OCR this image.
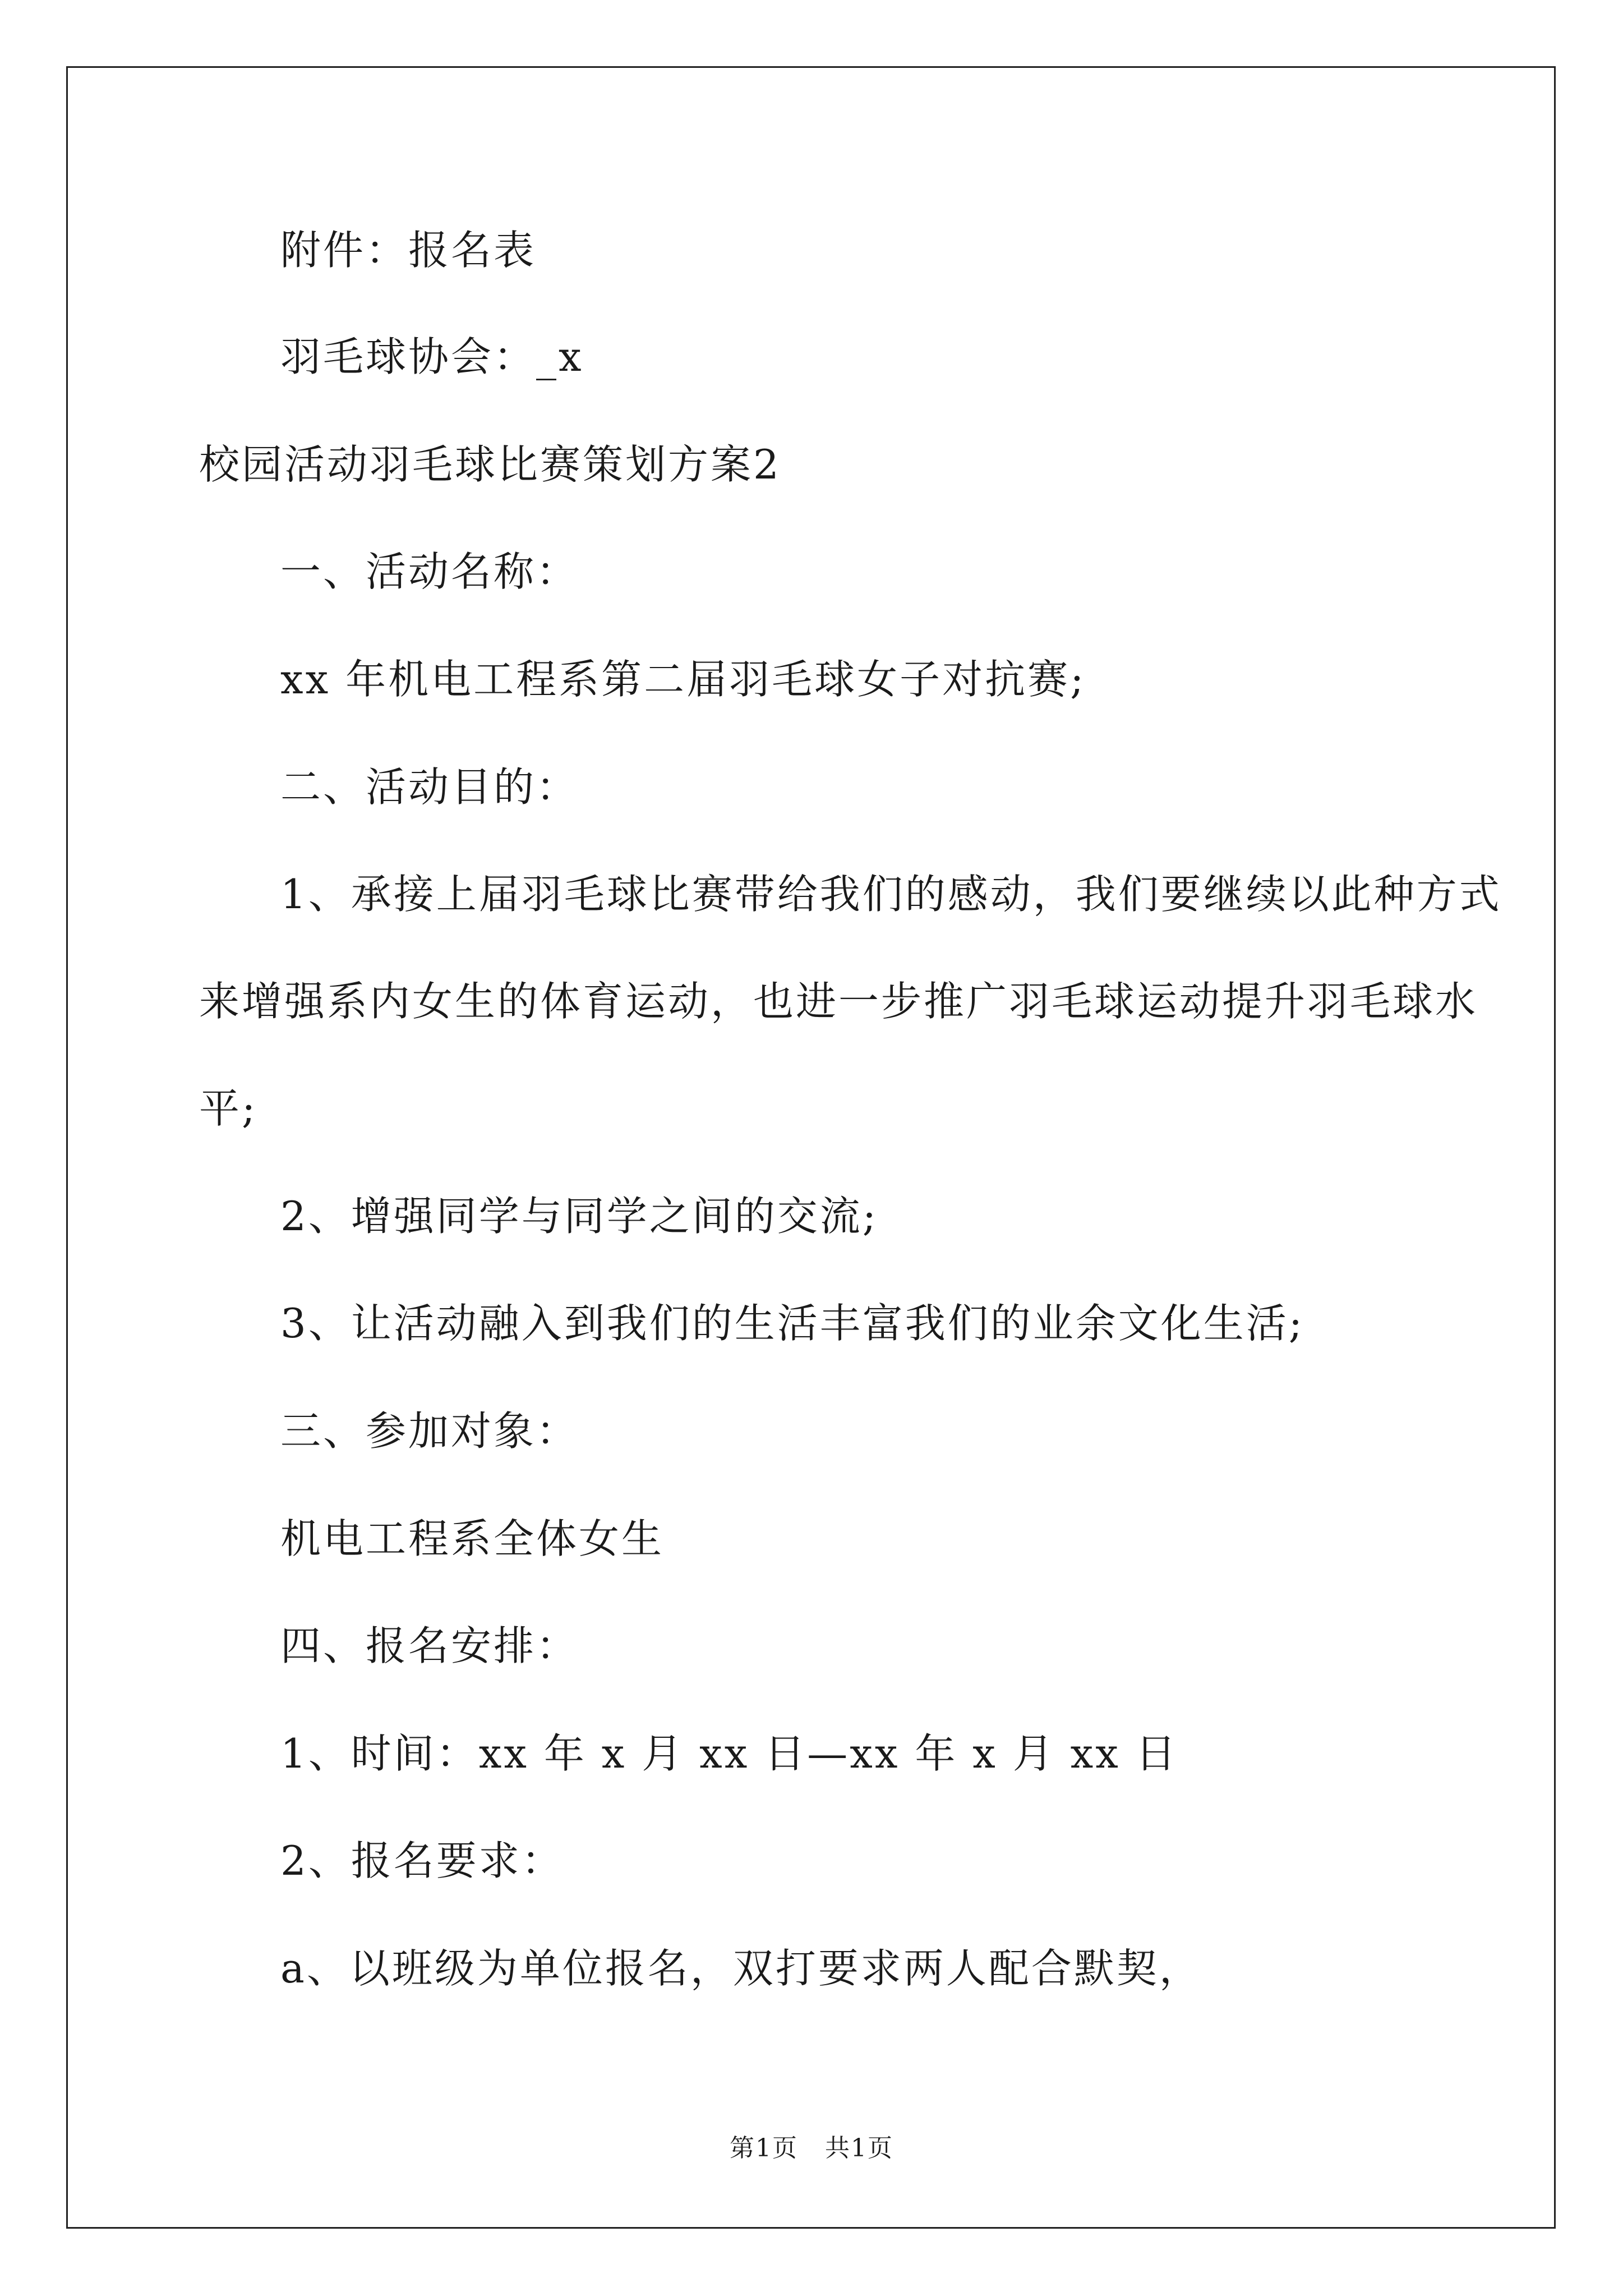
附件：报名表
羽毛球协会：_x
校园活动羽毛球比赛策划方案2
一、活动名称：
xx 年机电工程系第二届羽毛球女子对抗赛;
二、活动目的：
1、承接上届羽毛球比赛带给我们的感动，我们要继续以此种方式
来增强系内女生的体育运动，也进一步推广羽毛球运动提升羽毛球水
平;
2、增强同学与同学之间的交流;
3、让活动融入到我们的生活丰富我们的业余文化生活;
三、参加对象：
机电工程系全体女生
四、报名安排：
1、时间：xx 年 x 月 xx 日—xx 年 x 月 xx 日
2、报名要求：
a、以班级为单位报名，双打要求两人配合默契，
第1页 共1页
